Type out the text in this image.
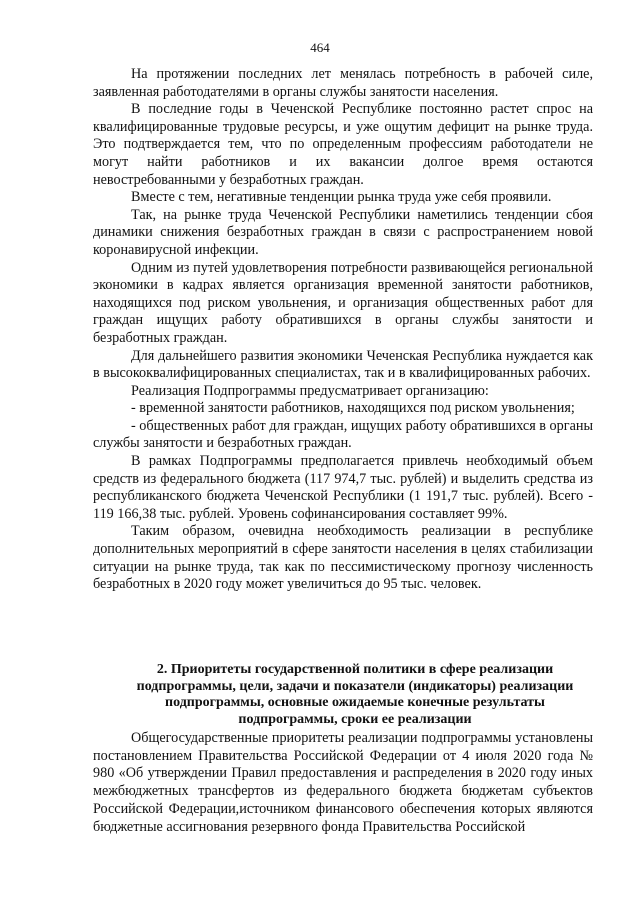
464

На протяжении последних лет менялась потребность в рабочей силе, заявленная работодателями в органы службы занятости населения.

В последние годы в Чеченской Республике постоянно растет спрос на квалифицированные трудовые ресурсы, и уже ощутим дефицит на рынке труда. Это подтверждается тем, что по определенным профессиям работодатели не могут найти работников и их вакансии долгое время остаются невостребованными у безработных граждан.

Вместе с тем, негативные тенденции рынка труда уже себя проявили.

Так, на рынке труда Чеченской Республики наметились тенденции сбоя динамики снижения безработных граждан в связи с распространением новой коронавирусной инфекции.

Одним из путей удовлетворения потребности развивающейся региональной экономики в кадрах является организация временной занятости работников, находящихся под риском увольнения, и организация общественных работ для граждан ищущих работу обратившихся в органы службы занятости и безработных граждан.

Для дальнейшего развития экономики Чеченская Республика нуждается как в высококвалифицированных специалистах, так и в квалифицированных рабочих.

Реализация Подпрограммы предусматривает организацию:

- временной занятости работников, находящихся под риском увольнения;

- общественных работ для граждан, ищущих работу обратившихся в органы службы занятости и безработных граждан.

В рамках Подпрограммы предполагается привлечь необходимый объем средств из федерального бюджета (117 974,7 тыс. рублей) и выделить средства из республиканского бюджета Чеченской Республики (1 191,7 тыс. рублей). Всего - 119 166,38 тыс. рублей. Уровень софинансирования составляет 99%.

Таким образом, очевидна необходимость реализации в республике дополнительных мероприятий в сфере занятости населения в целях стабилизации ситуации на рынке труда, так как по пессимистическому прогнозу численность безработных в 2020 году может увеличиться до 95 тыс. человек.

2. Приоритеты государственной политики в сфере реализации подпрограммы, цели, задачи и показатели (индикаторы) реализации подпрограммы, основные ожидаемые конечные результаты подпрограммы, сроки ее реализации

Общегосударственные приоритеты реализации подпрограммы установлены постановлением Правительства Российской Федерации от 4 июля 2020 года № 980 «Об утверждении Правил предоставления и распределения в 2020 году иных межбюджетных трансфертов из федерального бюджета бюджетам субъектов Российской Федерации,источником финансового обеспечения которых являются бюджетные ассигнования резервного фонда Правительства Российской
